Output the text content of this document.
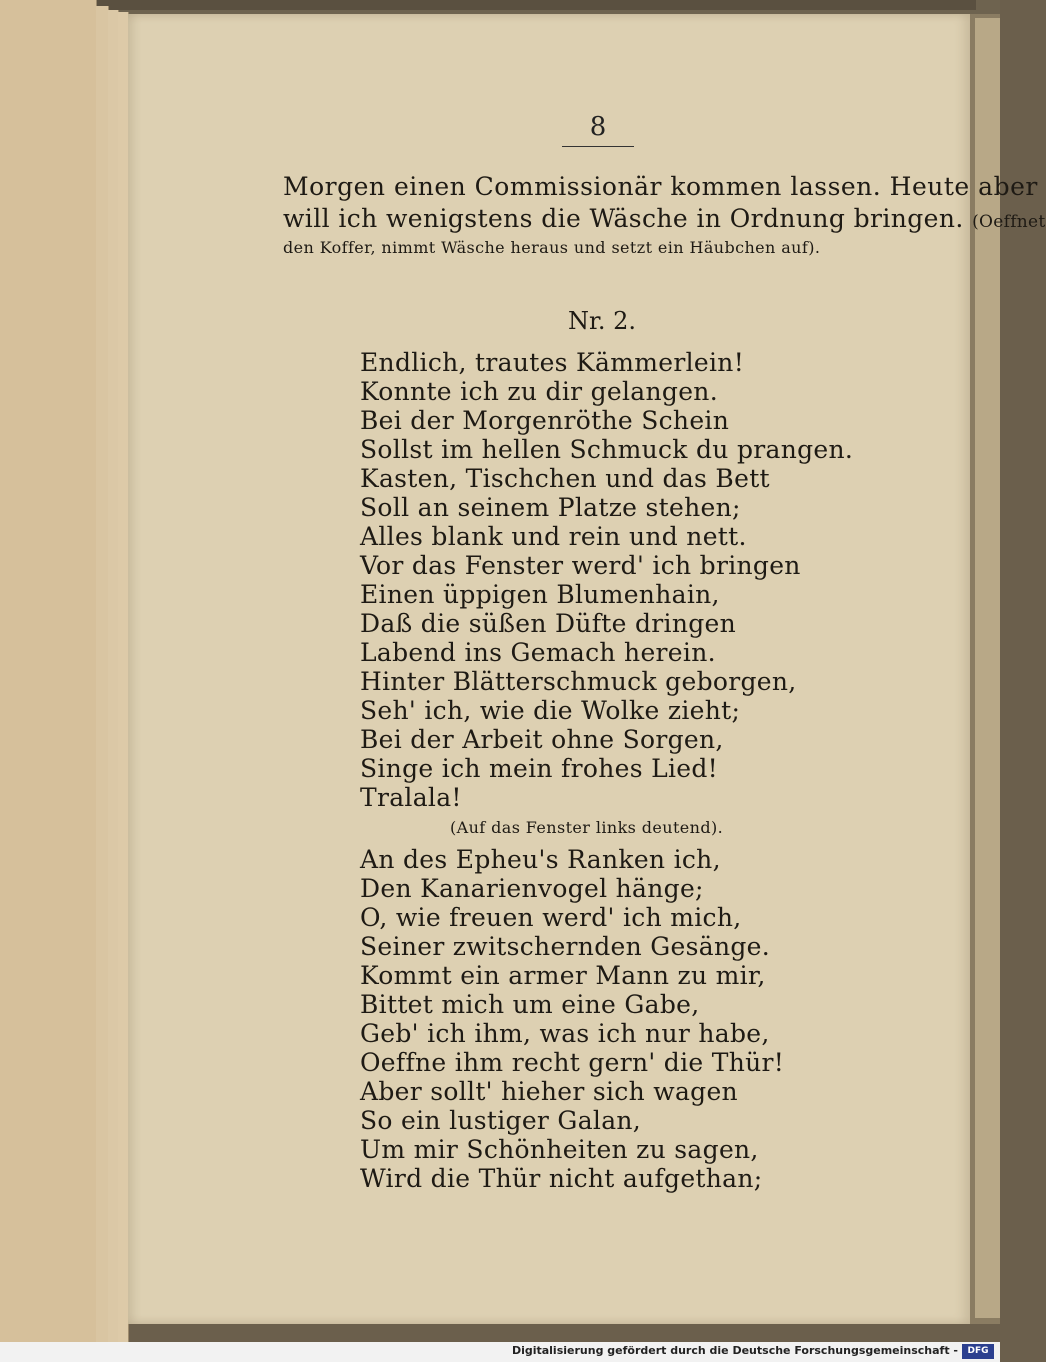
8
Morgen einen Commissionär kommen lassen. Heute aber
will ich wenigstens die Wäsche in Ordnung bringen. (Oeffnet
den Koffer, nimmt Wäsche heraus und setzt ein Häubchen auf).
Nr. 2.
Endlich, trautes Kämmerlein!
Konnte ich zu dir gelangen.
Bei der Morgenröthe Schein
Sollst im hellen Schmuck du prangen.
Kasten, Tischchen und das Bett
Soll an seinem Platze stehen;
Alles blank und rein und nett.
Vor das Fenster werd' ich bringen
Einen üppigen Blumenhain,
Daß die süßen Düfte dringen
Labend ins Gemach herein.
Hinter Blätterschmuck geborgen,
Seh' ich, wie die Wolke zieht;
Bei der Arbeit ohne Sorgen,
Singe ich mein frohes Lied!
Tralala!
(Auf das Fenster links deutend).
An des Epheu's Ranken ich,
Den Kanarienvogel hänge;
O, wie freuen werd' ich mich,
Seiner zwitschernden Gesänge.
Kommt ein armer Mann zu mir,
Bittet mich um eine Gabe,
Geb' ich ihm, was ich nur habe,
Oeffne ihm recht gern' die Thür!
Aber sollt' hieher sich wagen
So ein lustiger Galan,
Um mir Schönheiten zu sagen,
Wird die Thür nicht aufgethan;
Digitalisierung gefördert durch die Deutsche Forschungsgemeinschaft -	DFG
